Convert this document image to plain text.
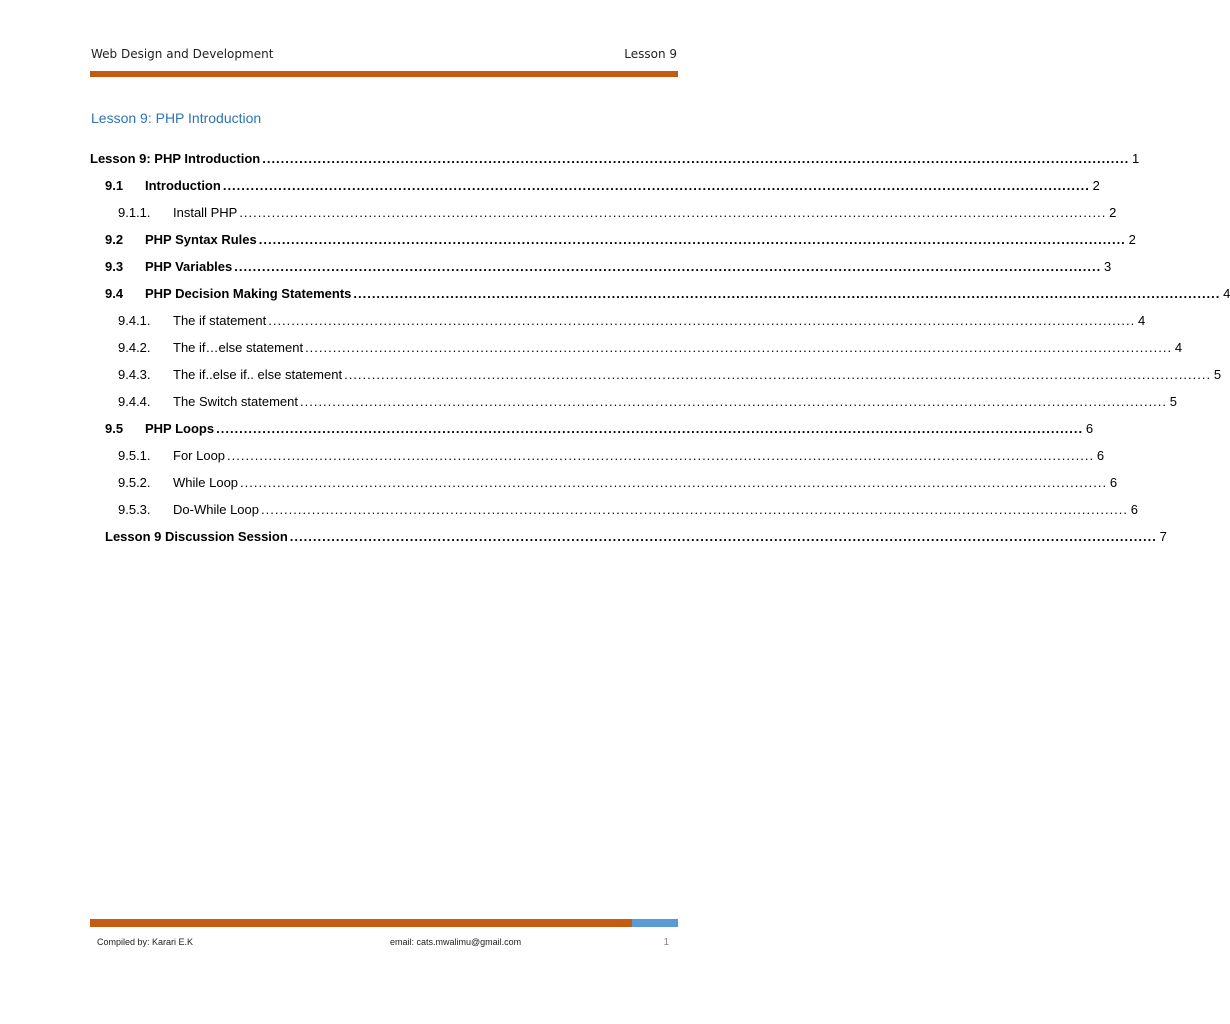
Web Design and Development	Lesson 9
Lesson 9: PHP Introduction
Lesson 9: PHP Introduction ............................................................................................................................................................................................ 1
9.1	Introduction ............................................................................................................................................................................................ 2
9.1.1.	Install PHP ............................................................................................................................................................................................ 2
9.2	PHP Syntax Rules ............................................................................................................................................................................................ 2
9.3	PHP Variables ............................................................................................................................................................................................ 3
9.4	PHP Decision Making Statements ............................................................................................................................................................................................ 4
9.4.1.	The if statement ............................................................................................................................................................................................ 4
9.4.2.	The if…else statement ............................................................................................................................................................................................ 4
9.4.3.	The if..else if.. else statement ............................................................................................................................................................................................ 5
9.4.4.	The Switch statement ............................................................................................................................................................................................ 5
9.5	PHP Loops ............................................................................................................................................................................................ 6
9.5.1.	For Loop ............................................................................................................................................................................................ 6
9.5.2.	While Loop ............................................................................................................................................................................................ 6
9.5.3.	Do-While Loop ............................................................................................................................................................................................ 6
Lesson 9 Discussion Session ............................................................................................................................................................................................ 7
Compiled by: Karari E.K	email: cats.mwalimu@gmail.com	1
